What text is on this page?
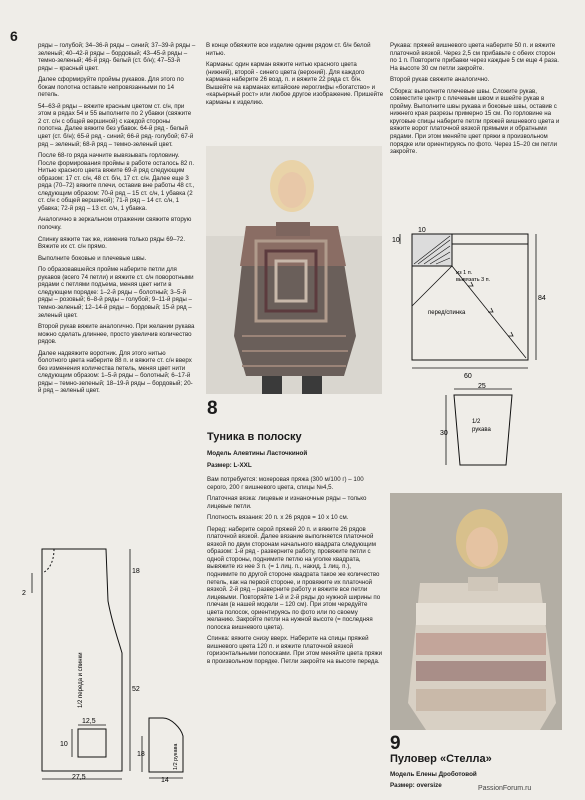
6

ряды – голубой; 34–36-й ряды – синий; 37–39-й ряды – зеленый; 40–42-й ряды – бордовый; 43–45-й ряды – темно-зеленый; 46-й ряд- белый (ст. б/н); 47–53-й ряды – красный цвет.

Далее сформируйте проймы рукавов. Для этого по бокам полотна оставьте непровязанными по 14 петель.

54–63-й ряды – вяжите красным цветом ст. с/н, при этом в рядах 54 и 55 выполните по 2 убавки (свяжите 2 ст. с/н с общей вершиной) с каждой стороны полотна. Далее вяжите без убавок. 64-й ряд - белый цвет (ст. б/н); 65-й ряд - синий; 66-й ряд- голубой; 67-й ряд – зеленый; 68-й ряд – темно-зеленый цвет.

После 68-го ряда начните вывязывать горловину. После формирования проймы в работе осталось 82 п. Нитью красного цвета вяжите 69-й ряд следующим образом: 17 ст. с/н, 48 ст. б/н, 17 ст. с/н. Далее еще 3 ряда (70–72) вяжите плечи, оставив вне работы 48 ст., следующим образом: 70-й ряд – 15 ст. с/н, 1 убавка (2 ст. с/н с общей вершиной); 71-й ряд – 14 ст. с/н, 1 убавка; 72-й ряд – 13 ст. с/н, 1 убавка.

Аналогично в зеркальном отражении свяжите вторую полочку.

Спинку вяжите так же, изменив только ряды 69–72. Вяжите их ст. с/н прямо.

Выполните боковые и плечевые швы.

По образовавшейся пройме наберите петли для рукавов (всего 74 петли) и вяжите ст. с/н поворотными рядами с петлями подъема, меняя цвет нити в следующем порядке: 1–2-й ряды – болотный; 3–5-й ряды – розовый; 6–8-й ряды – голубой; 9–11-й ряды – темно-зеленый; 12–14-й ряды – бордовый; 15-й ряд – зеленый цвет.

Второй рукав вяжите аналогично. При желании рукава можно сделать длиннее, просто увеличив количество рядов.

Далее надвяжите воротник. Для этого нитью болотного цвета наберите 88 п. и вяжите ст. с/н вверх без изменения количества петель, меняя цвет нити следующим образом: 1–5-й ряды – болотный; 6–17-й ряды – темно-зеленый; 18–19-й ряды – бордовый; 20-й ряд – зеленый цвет.

18
2
52
12,5
10
27,5
1/2 переда и спинки
18
14
1/2 рукава

В конце обвяжите все изделие одним рядом ст. б/н белой нитью.

Карманы: один карман вяжите нитью красного цвета (нижний), второй - синего цвета (верхний). Для каждого кармана наберите 26 возд. п. и вяжите 22 ряда ст. б/н. Вышейте на карманах китайские иероглифы «богатство» и «карьерный рост» или любое другое изображение. Пришейте карманы к изделию.

8
Туника в полоску
Модель Алевтины Ласточкиной
Размер: L-XXL

Вам потребуется: мохеровая пряжа (300 м/100 г) – 100 серого, 200 г вишневого цвета, спицы №4,5.

Платочная вязка: лицевые и изнаночные ряды – только лицевые петли.

Плотность вязания: 20 п. x 26 рядов = 10 x 10 см.

Перед: наберите серой пряжей 20 п. и вяжите 26 рядов платочной вязкой. Далее вязание выполняется платочной вязкой по двум сторонам начального квадрата следующим образом: 1-й ряд - разверните работу, провяжите петли с одной стороны, поднимите петлю на уголке квадрата, вывяжите из нее 3 п. (= 1 лиц. п., накид, 1 лиц. п.), поднимите по другой стороне квадрата такое же количество петель, как на первой стороне, и провяжите их платочной вязкой. 2-й ряд – разверните работу и вяжите все петли лицевыми. Повторяйте 1-й и 2-й ряды до нужной ширины по плечам (в нашей модели – 120 см). При этом чередуйте цвета полосок, ориентируясь по фото или по своему желанию. Закройте петли на нужной высоте (= последняя полоска вишневого цвета).

Спинка: вяжите снизу вверх. Наберите на спицы пряжей вишневого цвета 120 п. и вяжите платочной вязкой горизонтальными полосками. При этом меняйте цвета пряжи в произвольном порядке. Петли закройте на высоте переда.

Рукава: пряжей вишневого цвета наберите 50 п. и вяжите платочной вязкой. Через 2,5 см прибавьте с обеих сторон по 1 п. Повторите прибавки через каждые 5 см еще 4 раза. На высоте 30 см петли закройте.

Второй рукав свяжите аналогично.

Сборка: выполните плечевые швы. Сложите рукав, совместите центр с плечевым швом и вшейте рукав в пройму. Выполните швы рукава и боковые швы, оставив с нижнего края разрезы примерно 15 см. По горловине на круговые спицы наберите петли пряжей вишневого цвета и вяжите ворот платочной вязкой прямыми и обратными рядами. При этом меняйте цвет пряжи в произвольном порядке или ориентируясь по фото. Через 15–20 см петли закройте.

10
10
84
60
из 1 п.
вывязать 3 п.
перед/спинка
25
30
1/2
рукава
9
Пуловер «Стелла»
Модель Елены Дроботовой
Размер: oversize	PassionForum.ru
